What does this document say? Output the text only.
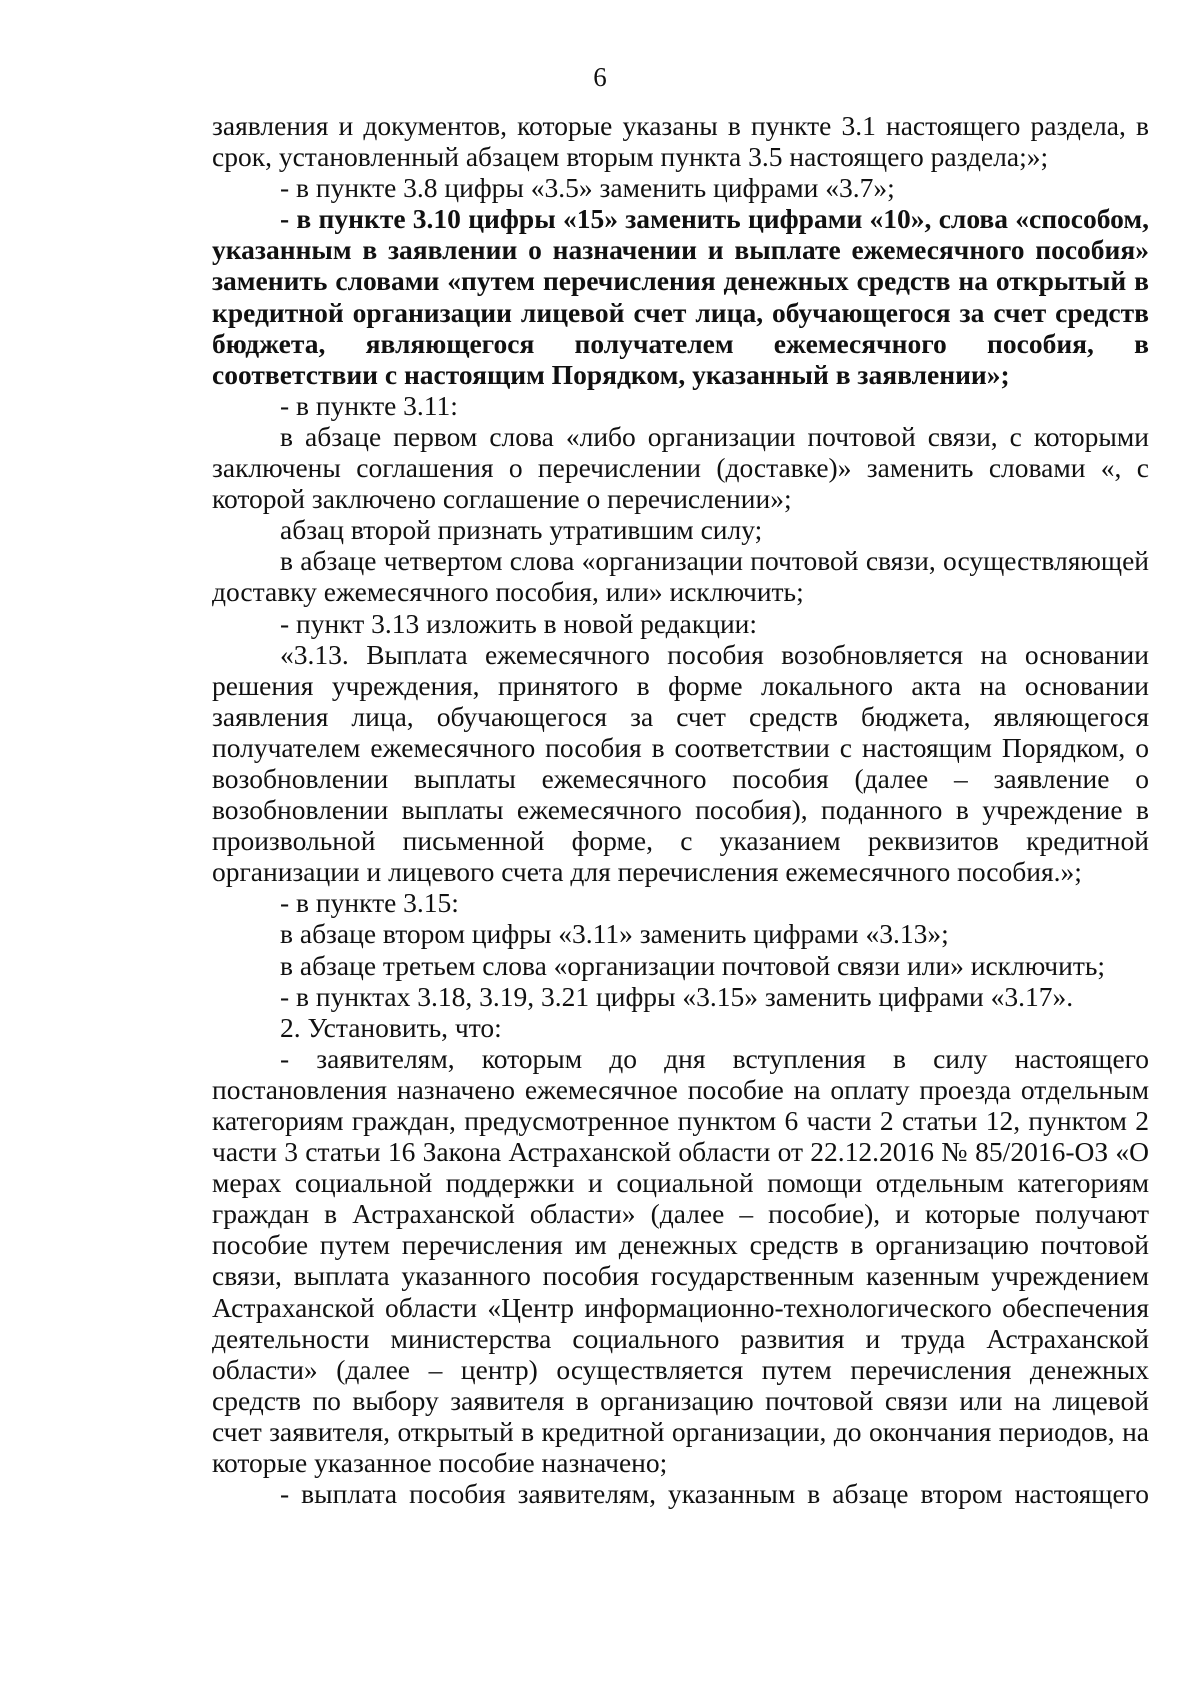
6

заявления и документов, которые указаны в пункте 3.1 настоящего раздела, в срок, установленный абзацем вторым пункта 3.5 настоящего раздела;»;

- в пункте 3.8 цифры «3.5» заменить цифрами «3.7»;

- в пункте 3.10 цифры «15» заменить цифрами «10», слова «способом, указанным в заявлении о назначении и выплате ежемесячного пособия» заменить словами «путем перечисления денежных средств на открытый в кредитной организации лицевой счет лица, обучающегося за счет средств бюджета, являющегося получателем ежемесячного пособия, в соответствии с настоящим Порядком, указанный в заявлении»;

- в пункте 3.11:

в абзаце первом слова «либо организации почтовой связи, с которыми заключены соглашения о перечислении (доставке)» заменить словами «, с которой заключено соглашение о перечислении»;

абзац второй признать утратившим силу;

в абзаце четвертом слова «организации почтовой связи, осуществляющей доставку ежемесячного пособия, или» исключить;

- пункт 3.13 изложить в новой редакции:

«3.13. Выплата ежемесячного пособия возобновляется на основании решения учреждения, принятого в форме локального акта на основании заявления лица, обучающегося за счет средств бюджета, являющегося получателем ежемесячного пособия в соответствии с настоящим Порядком, о возобновлении выплаты ежемесячного пособия (далее – заявление о возобновлении выплаты ежемесячного пособия), поданного в учреждение в произвольной письменной форме, с указанием реквизитов кредитной организации и лицевого счета для перечисления ежемесячного пособия.»;

- в пункте 3.15:

в абзаце втором цифры «3.11» заменить цифрами «3.13»;

в абзаце третьем слова «организации почтовой связи или» исключить;

- в пунктах 3.18, 3.19, 3.21 цифры «3.15» заменить цифрами «3.17».

2. Установить, что:

- заявителям, которым до дня вступления в силу настоящего постановления назначено ежемесячное пособие на оплату проезда отдельным категориям граждан, предусмотренное пунктом 6 части 2 статьи 12, пунктом 2 части 3 статьи 16 Закона Астраханской области от 22.12.2016 № 85/2016-ОЗ «О мерах социальной поддержки и социальной помощи отдельным категориям граждан в Астраханской области» (далее – пособие), и которые получают пособие путем перечисления им денежных средств в организацию почтовой связи, выплата указанного пособия государственным казенным учреждением Астраханской области «Центр информационно-технологического обеспечения деятельности министерства социального развития и труда Астраханской области» (далее – центр) осуществляется путем перечисления денежных средств по выбору заявителя в организацию почтовой связи или на лицевой счет заявителя, открытый в кредитной организации, до окончания периодов, на которые указанное пособие назначено;

- выплата пособия заявителям, указанным в абзаце втором настоящего
